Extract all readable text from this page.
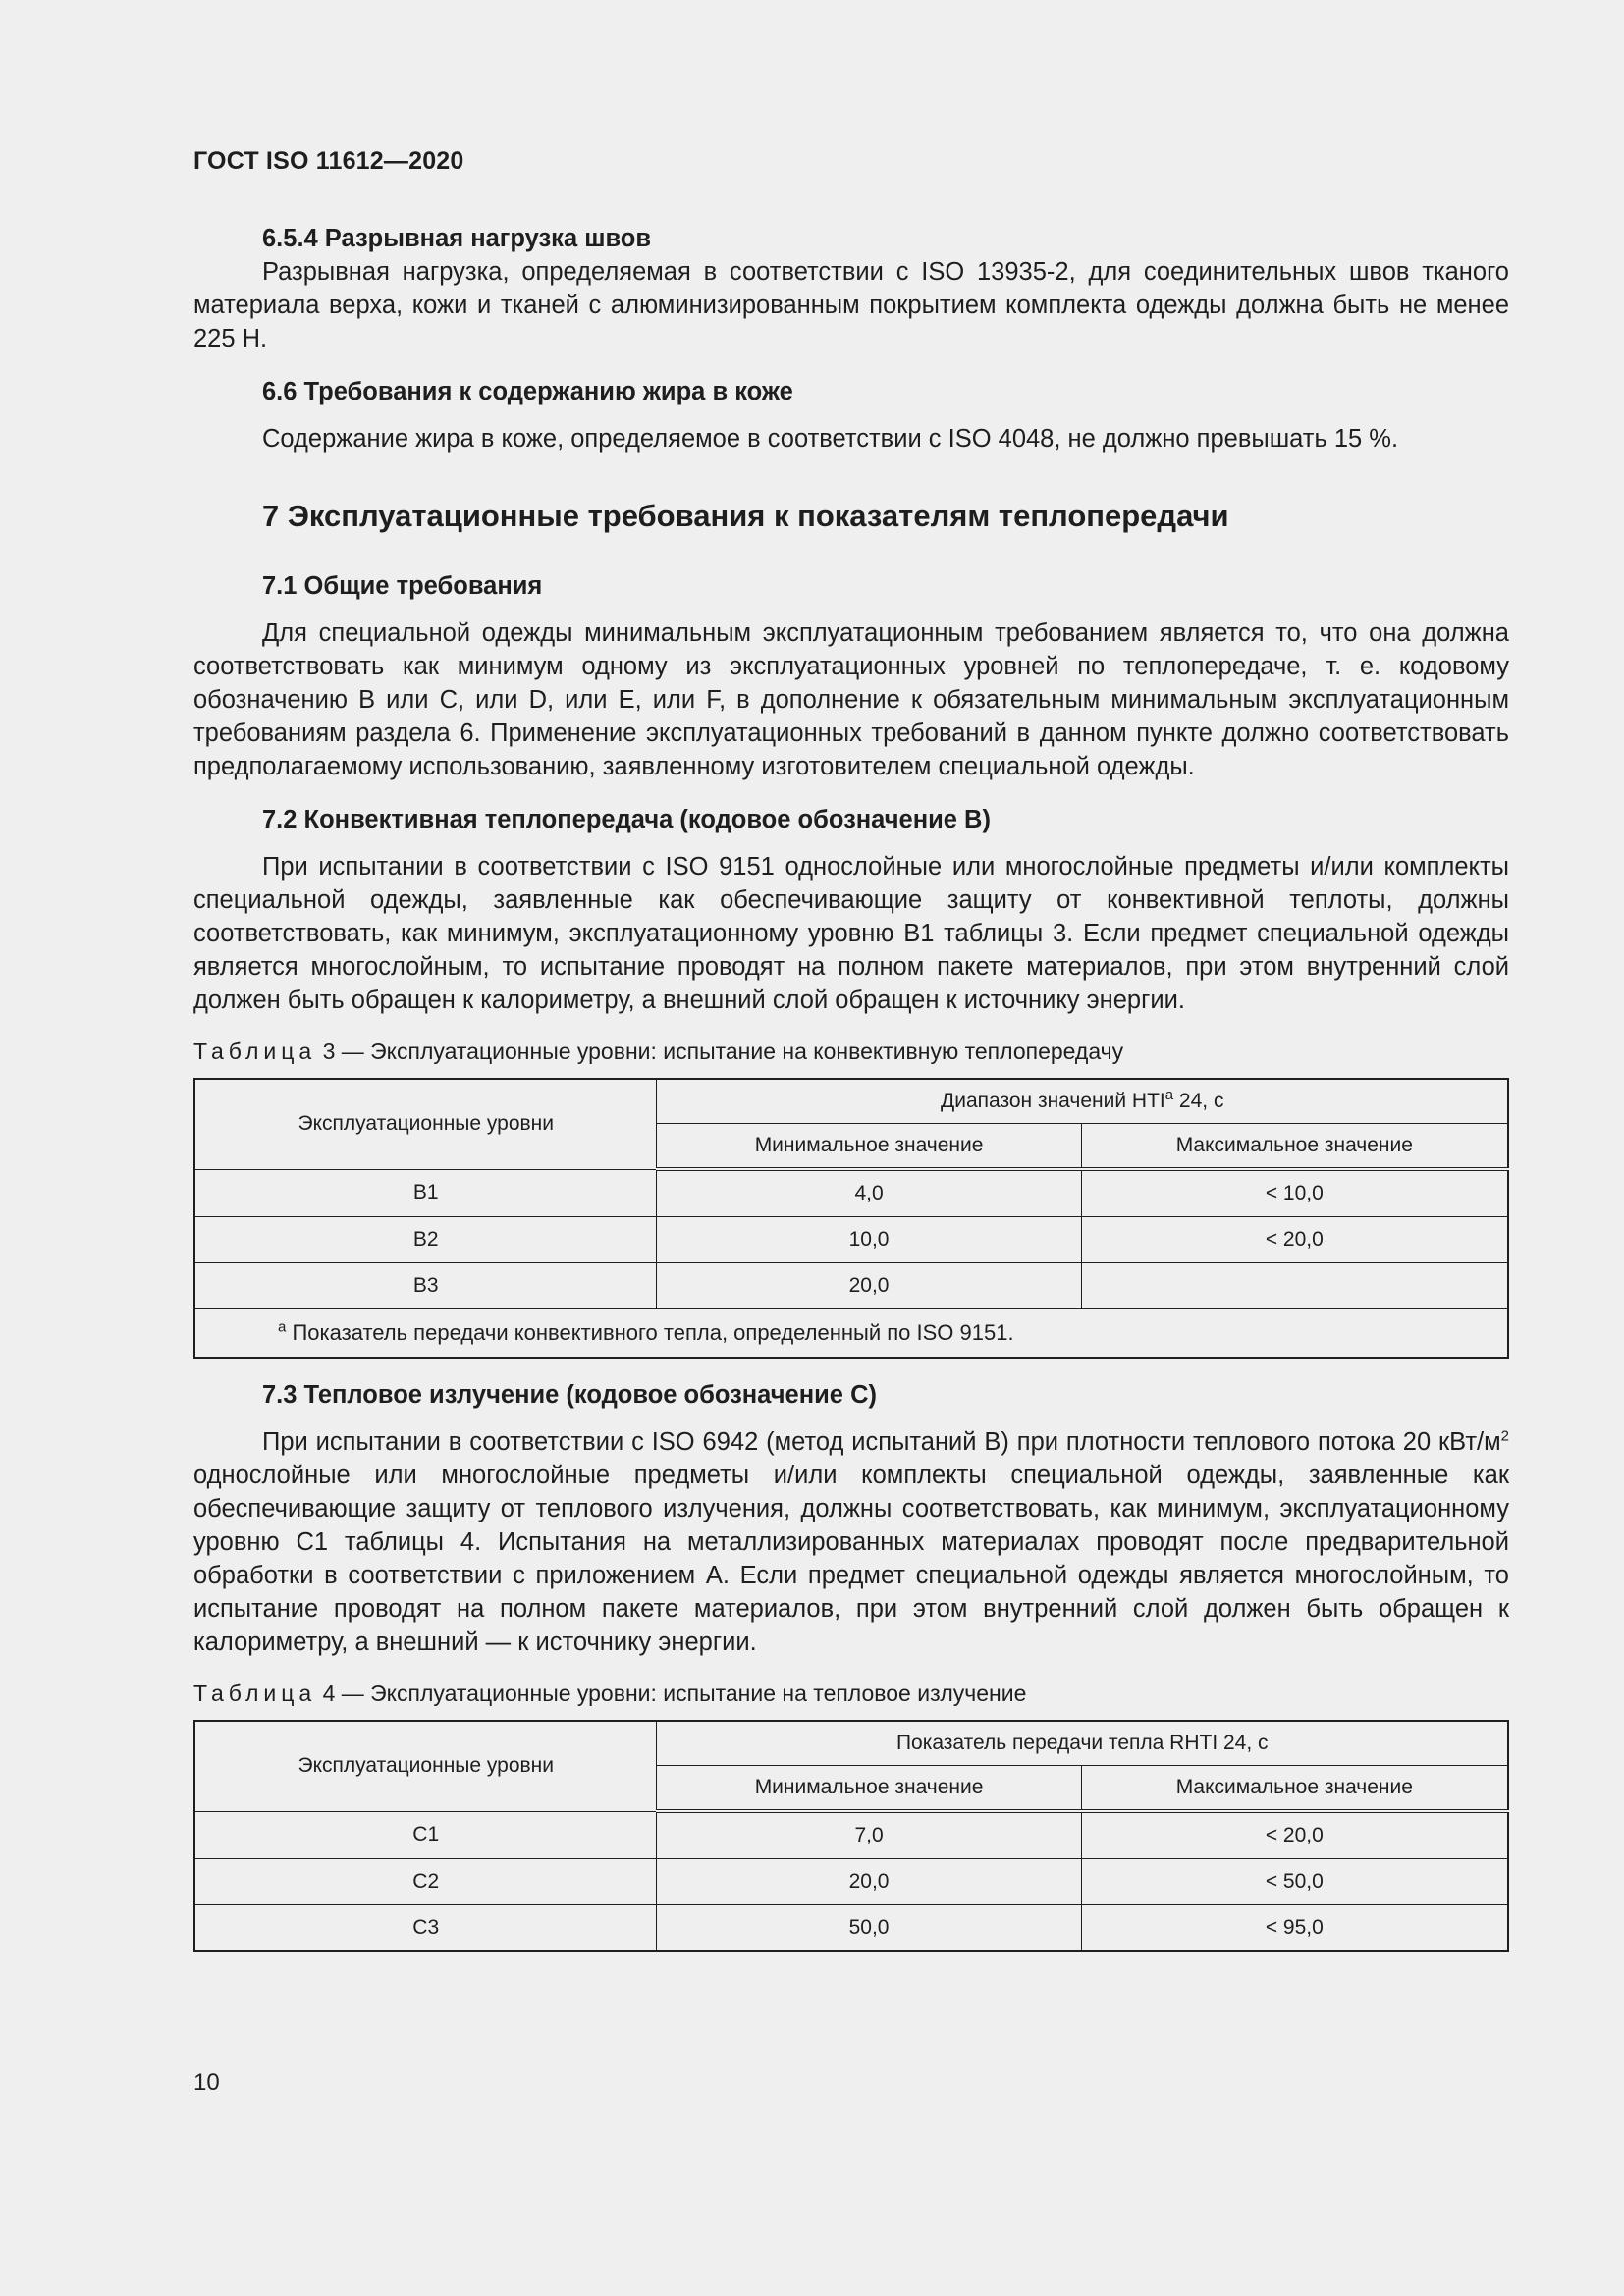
ГОСТ ISO 11612—2020

6.5.4 Разрывная нагрузка швов

Разрывная нагрузка, определяемая в соответствии с ISO 13935-2, для соединительных швов тканого материала верха, кожи и тканей с алюминизированным покрытием комплекта одежды должна быть не менее 225 Н.

6.6 Требования к содержанию жира в коже

Содержание жира в коже, определяемое в соответствии с ISO 4048, не должно превышать 15 %.

7 Эксплуатационные требования к показателям теплопередачи

7.1 Общие требования

Для специальной одежды минимальным эксплуатационным требованием является то, что она должна соответствовать как минимум одному из эксплуатационных уровней по теплопередаче, т. е. кодовому обозначению В или С, или D, или Е, или F, в дополнение к обязательным минимальным эксплуатационным требованиям раздела 6. Применение эксплуатационных требований в данном пункте должно соответствовать предполагаемому использованию, заявленному изготовителем специальной одежды.

7.2 Конвективная теплопередача (кодовое обозначение В)

При испытании в соответствии с ISO 9151 однослойные или многослойные предметы и/или комплекты специальной одежды, заявленные как обеспечивающие защиту от конвективной теплоты, должны соответствовать, как минимум, эксплуатационному уровню В1 таблицы 3. Если предмет специальной одежды является многослойным, то испытание проводят на полном пакете материалов, при этом внутренний слой должен быть обращен к калориметру, а внешний слой обращен к источнику энергии.

Таблица 3 — Эксплуатационные уровни: испытание на конвективную теплопередачу
Эксплуатационные уровни	Диапазон значений HTI$^a$ 24, с	
	Минимальное значение	Максимальное значение
B1	4,0	< 10,0
B2	10,0	< 20,0
B3	20,0	
$^a$ Показатель передачи конвективного тепла, определенный по ISO 9151.		

7.3 Тепловое излучение (кодовое обозначение С)

При испытании в соответствии с ISO 6942 (метод испытаний В) при плотности теплового потока 20 кВт/$м^2$ однослойные или многослойные предметы и/или комплекты специальной одежды, заявленные как обеспечивающие защиту от теплового излучения, должны соответствовать, как минимум, эксплуатационному уровню С1 таблицы 4. Испытания на металлизированных материалах проводят после предварительной обработки в соответствии с приложением А. Если предмет специальной одежды является многослойным, то испытание проводят на полном пакете материалов, при этом внутренний слой должен быть обращен к калориметру, а внешний — к источнику энергии.

Таблица 4 — Эксплуатационные уровни: испытание на тепловое излучение
Эксплуатационные уровни	Показатель передачи тепла RHTI 24, с	
	Минимальное значение	Максимальное значение
C1	7,0	< 20,0
C2	20,0	< 50,0
C3	50,0	< 95,0
10
